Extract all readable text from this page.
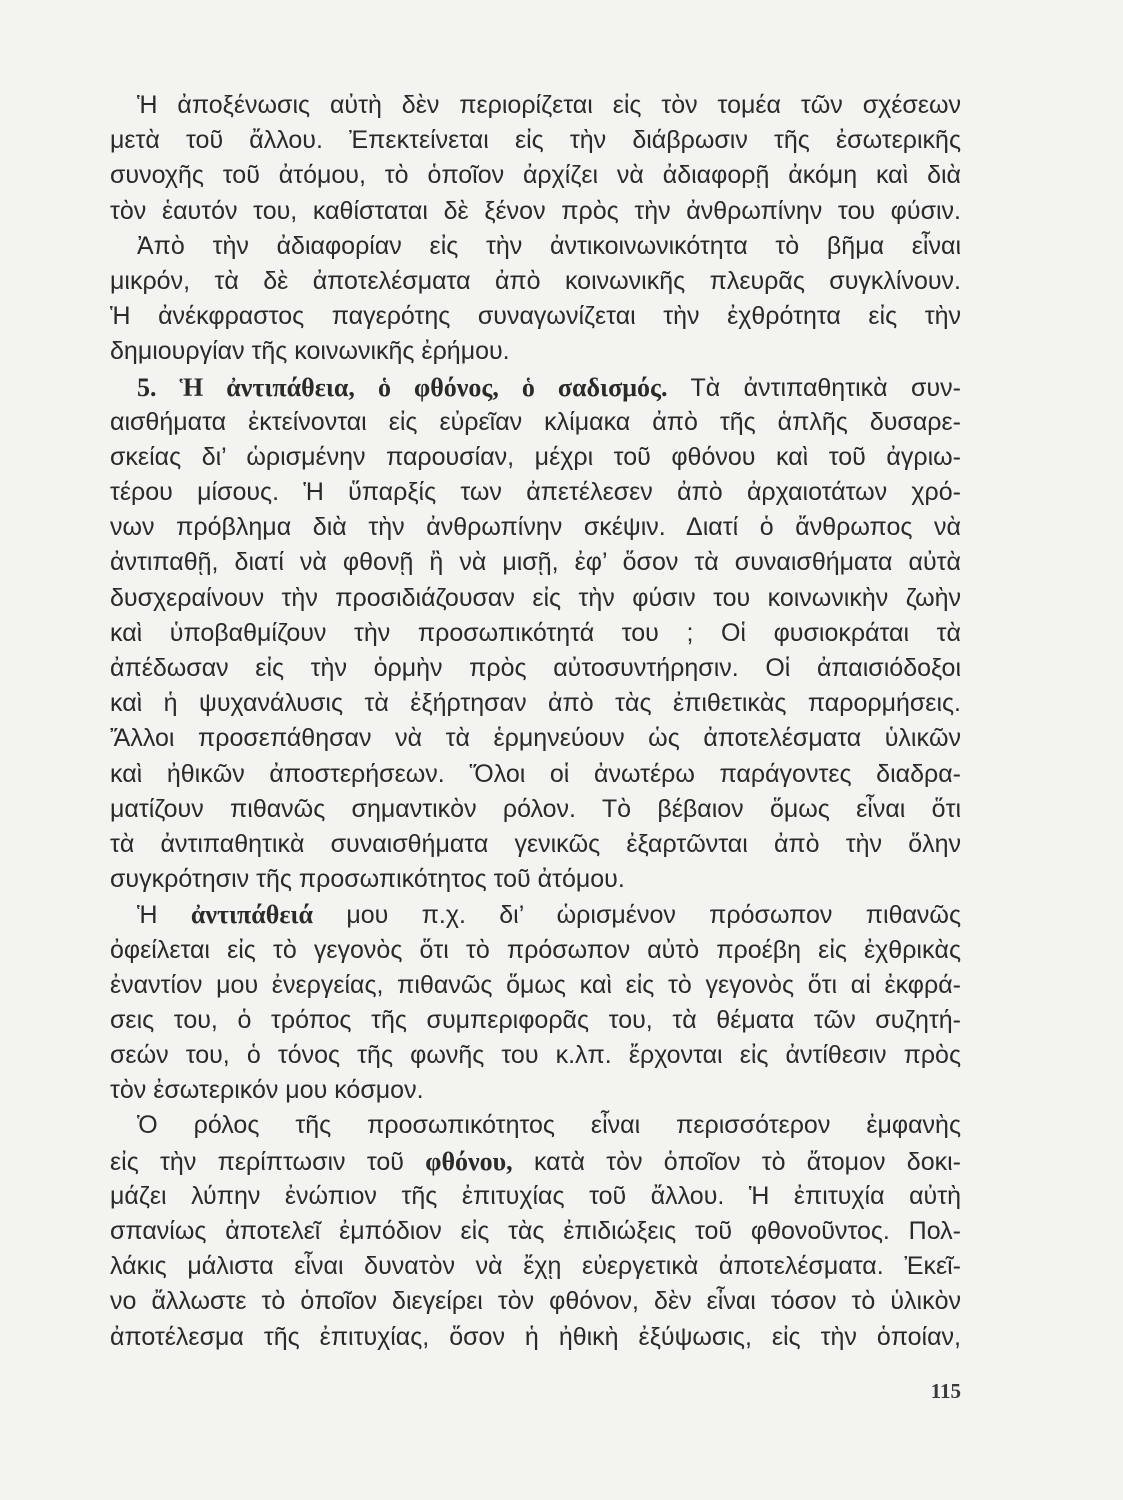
Ἡ ἀποξένωσις αὐτὴ δὲν περιορίζεται εἰς τὸν τομέα τῶν σχέσεων
μετὰ τοῦ ἄλλου. Ἐπεκτείνεται εἰς τὴν διάβρωσιν τῆς ἐσωτερικῆς
συνοχῆς τοῦ ἀτόμου, τὸ ὁποῖον ἀρχίζει νὰ ἀδιαφορῇ ἀκόμη καὶ διὰ
τὸν ἑαυτόν του, καθίσταται δὲ ξένον πρὸς τὴν ἀνθρωπίνην του φύσιν.
Ἀπὸ τὴν ἀδιαφορίαν εἰς τὴν ἀντικοινωνικότητα τὸ βῆμα εἶναι
μικρόν, τὰ δὲ ἀποτελέσματα ἀπὸ κοινωνικῆς πλευρᾶς συγκλίνουν.
Ἡ ἀνέκφραστος παγερότης συναγωνίζεται τὴν ἐχθρότητα εἰς τὴν
δημιουργίαν τῆς κοινωνικῆς ἐρήμου.
5. Ἡ ἀντιπάθεια, ὁ φθόνος, ὁ σαδισμός. Τὰ ἀντιπαθητικὰ συν-
αισθήματα ἐκτείνονται εἰς εὐρεῖαν κλίμακα ἀπὸ τῆς ἁπλῆς δυσαρε-
σκείας δι’ ὡρισμένην παρουσίαν, μέχρι τοῦ φθόνου καὶ τοῦ ἀγριω-
τέρου μίσους. Ἡ ὕπαρξίς των ἀπετέλεσεν ἀπὸ ἀρχαιοτάτων χρό-
νων πρόβλημα διὰ τὴν ἀνθρωπίνην σκέψιν. Διατί ὁ ἄνθρωπος νὰ
ἀντιπαθῇ, διατί νὰ φθονῇ ἢ νὰ μισῇ, ἐφ’ ὅσον τὰ συναισθήματα αὐτὰ
δυσχεραίνουν τὴν προσιδιάζουσαν εἰς τὴν φύσιν του κοινωνικὴν ζωὴν
καὶ ὑποβαθμίζουν τὴν προσωπικότητά του ; Οἱ φυσιοκράται τὰ
ἀπέδωσαν εἰς τὴν ὁρμὴν πρὸς αὐτοσυντήρησιν. Οἱ ἀπαισιόδοξοι
καὶ ἡ ψυχανάλυσις τὰ ἐξήρτησαν ἀπὸ τὰς ἐπιθετικὰς παρορμήσεις.
Ἄλλοι προσεπάθησαν νὰ τὰ ἑρμηνεύουν ὡς ἀποτελέσματα ὑλικῶν
καὶ ἠθικῶν ἀποστερήσεων. Ὅλοι οἱ ἀνωτέρω παράγοντες διαδρα-
ματίζουν πιθανῶς σημαντικὸν ρόλον. Τὸ βέβαιον ὅμως εἶναι ὅτι
τὰ ἀντιπαθητικὰ συναισθήματα γενικῶς ἐξαρτῶνται ἀπὸ τὴν ὅλην
συγκρότησιν τῆς προσωπικότητος τοῦ ἀτόμου.
Ἡ ἀντιπάθειά μου π.χ. δι’ ὡρισμένον πρόσωπον πιθανῶς
ὀφείλεται εἰς τὸ γεγονὸς ὅτι τὸ πρόσωπον αὐτὸ προέβη εἰς ἐχθρικὰς
ἐναντίον μου ἐνεργείας, πιθανῶς ὅμως καὶ εἰς τὸ γεγονὸς ὅτι αἱ ἐκφρά-
σεις του, ὁ τρόπος τῆς συμπεριφορᾶς του, τὰ θέματα τῶν συζητή-
σεών του, ὁ τόνος τῆς φωνῆς του κ.λπ. ἔρχονται εἰς ἀντίθεσιν πρὸς
τὸν ἐσωτερικόν μου κόσμον.
Ὁ ρόλος τῆς προσωπικότητος εἶναι περισσότερον ἐμφανὴς
εἰς τὴν περίπτωσιν τοῦ φθόνου, κατὰ τὸν ὁποῖον τὸ ἄτομον δοκι-
μάζει λύπην ἐνώπιον τῆς ἐπιτυχίας τοῦ ἄλλου. Ἡ ἐπιτυχία αὐτὴ
σπανίως ἀποτελεῖ ἐμπόδιον εἰς τὰς ἐπιδιώξεις τοῦ φθονοῦντος. Πολ-
λάκις μάλιστα εἶναι δυνατὸν νὰ ἔχῃ εὐεργετικὰ ἀποτελέσματα. Ἐκεῖ-
νο ἄλλωστε τὸ ὁποῖον διεγείρει τὸν φθόνον, δὲν εἶναι τόσον τὸ ὑλικὸν
ἀποτέλεσμα τῆς ἐπιτυχίας, ὅσον ἡ ἠθικὴ ἐξύψωσις, εἰς τὴν ὁποίαν,
115
